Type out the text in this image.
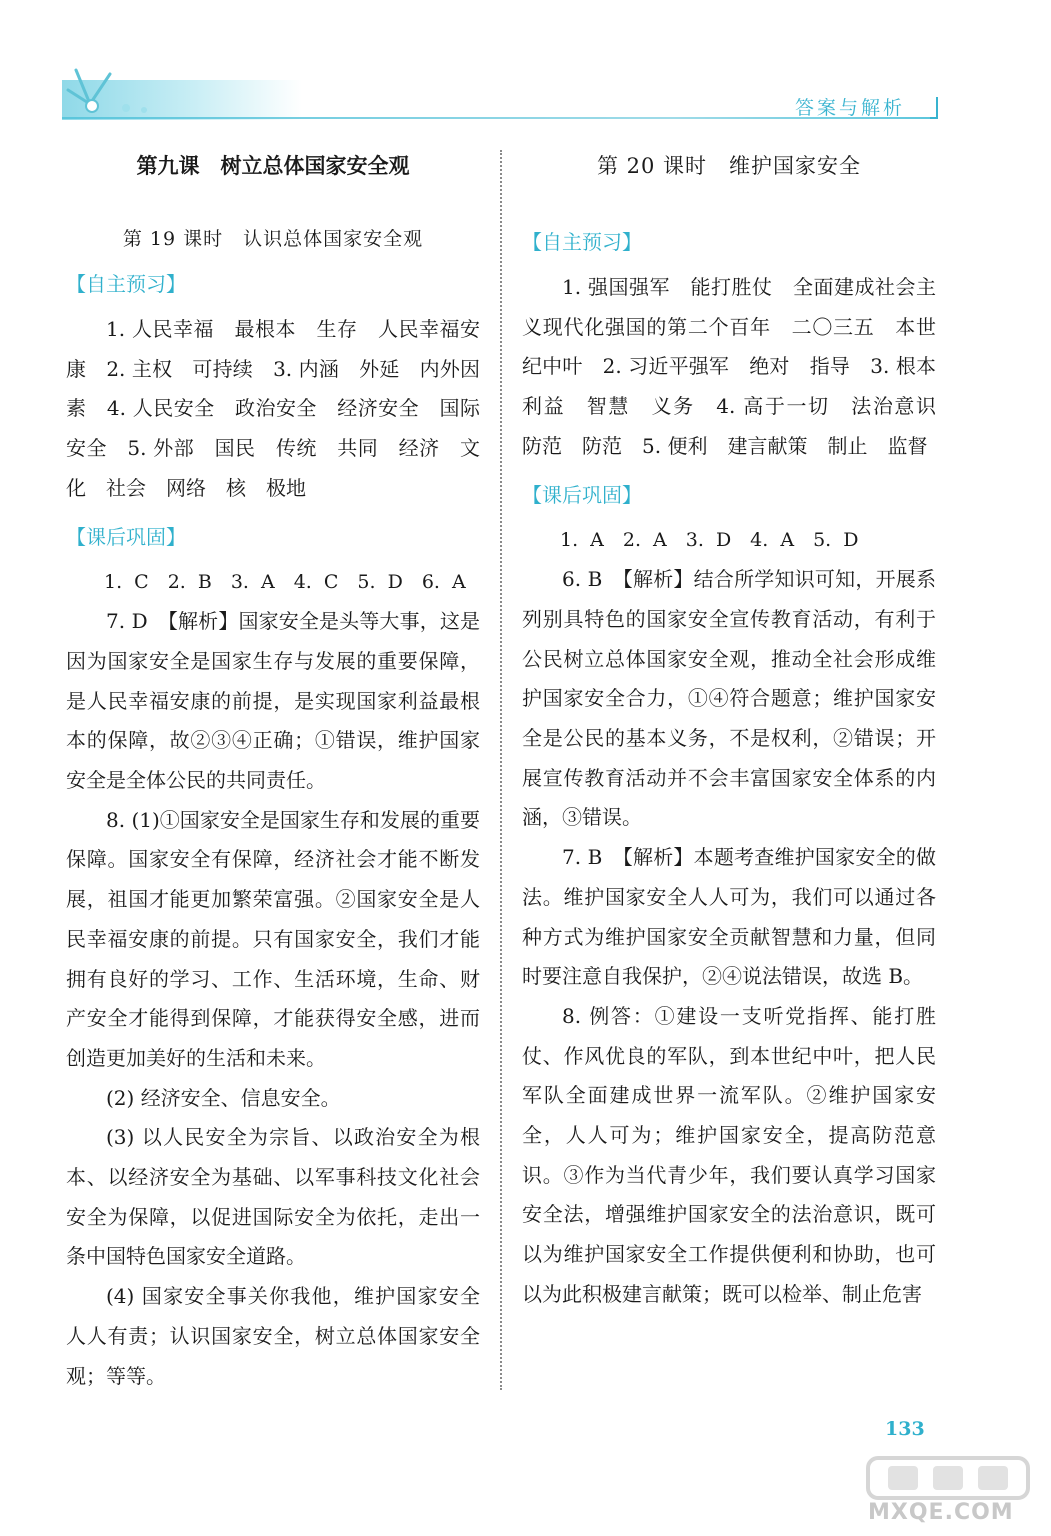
答案与解析

第九课　树立总体国家安全观

第 19 课时　认识总体国家安全观

【自主预习】

1. 人民幸福　最根本　生存　人民幸福安康　2. 主权　可持续　3. 内涵　外延　内外因素　4. 人民安全　政治安全　经济安全　国际安全　5. 外部　国民　传统　共同　经济　文化　社会　网络　核　极地

【课后巩固】

1. C　2. B　3. A　4. C　5. D　6. A

7. D　【解析】国家安全是头等大事，这是因为国家安全是国家生存与发展的重要保障，是人民幸福安康的前提，是实现国家利益最根本的保障，故②③④正确；①错误，维护国家安全是全体公民的共同责任。

8. (1)①国家安全是国家生存和发展的重要保障。国家安全有保障，经济社会才能不断发展，祖国才能更加繁荣富强。②国家安全是人民幸福安康的前提。只有国家安全，我们才能拥有良好的学习、工作、生活环境，生命、财产安全才能得到保障，才能获得安全感，进而创造更加美好的生活和未来。

(2) 经济安全、信息安全。

(3) 以人民安全为宗旨、以政治安全为根本、以经济安全为基础、以军事科技文化社会安全为保障，以促进国际安全为依托，走出一条中国特色国家安全道路。

(4) 国家安全事关你我他，维护国家安全人人有责；认识国家安全，树立总体国家安全观；等等。

第 20 课时　维护国家安全

【自主预习】

1. 强国强军　能打胜仗　全面建成社会主义现代化强国的第二个百年　二〇三五　本世纪中叶　2. 习近平强军　绝对　指导　3. 根本利益　智慧　义务　4. 高于一切　法治意识　防范　防范　5. 便利　建言献策　制止　监督

【课后巩固】

1. A　2. A　3. D　4. A　5. D

6. B　【解析】结合所学知识可知，开展系列别具特色的国家安全宣传教育活动，有利于公民树立总体国家安全观，推动全社会形成维护国家安全合力，①④符合题意；维护国家安全是公民的基本义务，不是权利，②错误；开展宣传教育活动并不会丰富国家安全体系的内涵，③错误。

7. B　【解析】本题考查维护国家安全的做法。维护国家安全人人可为，我们可以通过各种方式为维护国家安全贡献智慧和力量，但同时要注意自我保护，②④说法错误，故选 B。

8. 例答：①建设一支听党指挥、能打胜仗、作风优良的军队，到本世纪中叶，把人民军队全面建成世界一流军队。②维护国家安全，人人可为；维护国家安全，提高防范意识。③作为当代青少年，我们要认真学习国家安全法，增强维护国家安全的法治意识，既可以为维护国家安全工作提供便利和协助，也可以为此积极建言献策；既可以检举、制止危害

133
MXQE.COM
